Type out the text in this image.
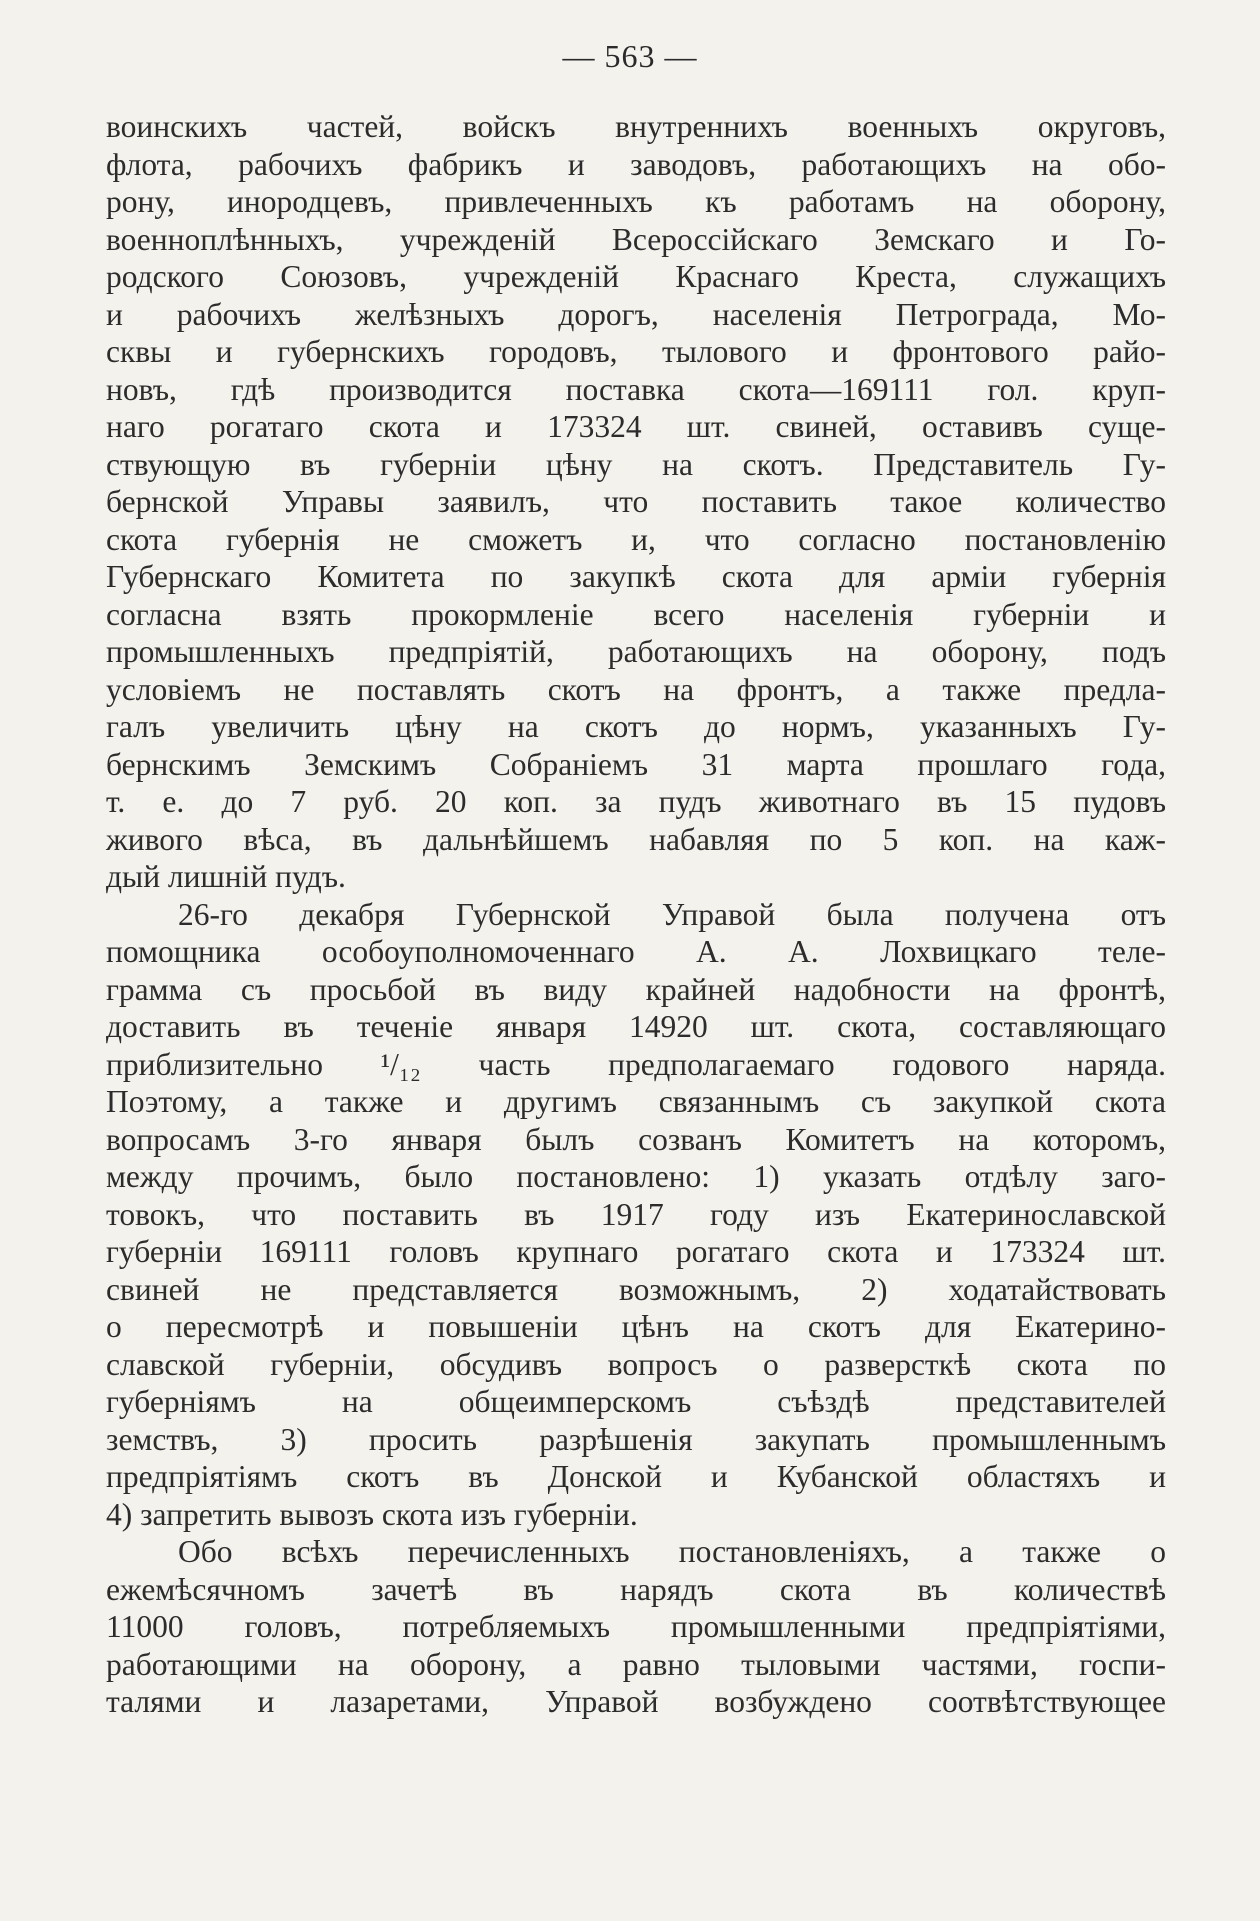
— 563 —
воинскихъ частей, войскъ внутреннихъ военныхъ округовъ,
флота, рабочихъ фабрикъ и заводовъ, работающихъ на обо-
рону, инородцевъ, привлеченныхъ къ работамъ на оборону,
военноплѣнныхъ, учрежденій Всероссійскаго Земскаго и Го-
родского Союзовъ, учрежденій Краснаго Креста, служащихъ
и рабочихъ желѣзныхъ дорогъ, населенія Петрограда, Мо-
сквы и губернскихъ городовъ, тылового и фронтового райо-
новъ, гдѣ производится поставка скота—169111 гол. круп-
наго рогатаго скота и 173324 шт. свиней, оставивъ суще-
ствующую въ губерніи цѣну на скотъ. Представитель Гу-
бернской Управы заявилъ, что поставить такое количество
скота губернія не сможетъ и, что согласно постановленію
Губернскаго Комитета по закупкѣ скота для арміи губернія
согласна взять прокормленіе всего населенія губерніи и
промышленныхъ предпріятій, работающихъ на оборону, подъ
условіемъ не поставлять скотъ на фронтъ, а также предла-
галъ увеличить цѣну на скотъ до нормъ, указанныхъ Гу-
бернскимъ Земскимъ Собраніемъ 31 марта прошлаго года,
т. е. до 7 руб. 20 коп. за пудъ животнаго въ 15 пудовъ
живого вѣса, въ дальнѣйшемъ набавляя по 5 коп. на каж-
дый лишній пудъ.
26-го декабря Губернской Управой была получена отъ
помощника особоуполномоченнаго А. А. Лохвицкаго теле-
грамма съ просьбой въ виду крайней надобности на фронтѣ,
доставить въ теченіе января 14920 шт. скота, составляющаго
приблизительно ¹/₁₂ часть предполагаемаго годового наряда.
Поэтому, а также и другимъ связаннымъ съ закупкой скота
вопросамъ 3-го января былъ созванъ Комитетъ на которомъ,
между прочимъ, было постановлено: 1) указать отдѣлу заго-
товокъ, что поставить въ 1917 году изъ Екатеринославской
губерніи 169111 головъ крупнаго рогатаго скота и 173324 шт.
свиней не представляется возможнымъ, 2) ходатайствовать
о пересмотрѣ и повышеніи цѣнъ на скотъ для Екатерино-
славской губерніи, обсудивъ вопросъ о разверсткѣ скота по
губерніямъ на общеимперскомъ съѣздѣ представителей
земствъ, 3) просить разрѣшенія закупать промышленнымъ
предпріятіямъ скотъ въ Донской и Кубанской областяхъ и
4) запретить вывозъ скота изъ губерніи.
Обо всѣхъ перечисленныхъ постановленіяхъ, а также о
ежемѣсячномъ зачетѣ въ нарядъ скота въ количествѣ
11000 головъ, потребляемыхъ промышленными предпріятіями,
работающими на оборону, а равно тыловыми частями, госпи-
талями и лазаретами, Управой возбуждено соотвѣтствующее
